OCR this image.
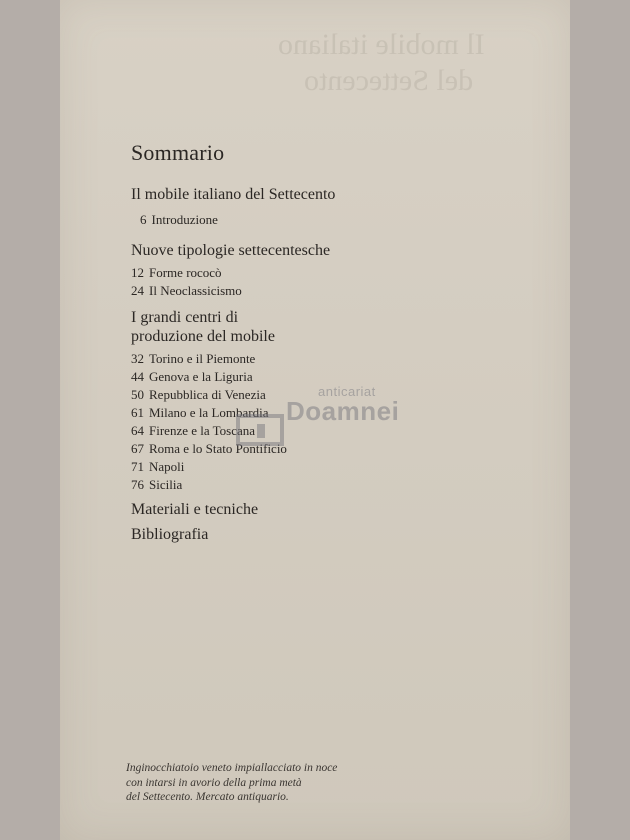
Il mobile italiano
del Settecento
Sommario
Il mobile italiano del Settecento
6 Introduzione
Nuove tipologie settecentesche
12 Forme rococò
24 Il Neoclassicismo
I grandi centri di
produzione del mobile
32 Torino e il Piemonte
44 Genova e la Liguria
50 Repubblica di Venezia
61 Milano e la Lombardia
64 Firenze e la Toscana
67 Roma e lo Stato Pontificio
71 Napoli
76 Sicilia
Materiali e tecniche
Bibliografia
anticariat
Doamnei
Inginocchiatoio veneto impiallacciato in noce
con intarsi in avorio della prima metà
del Settecento. Mercato antiquario.
